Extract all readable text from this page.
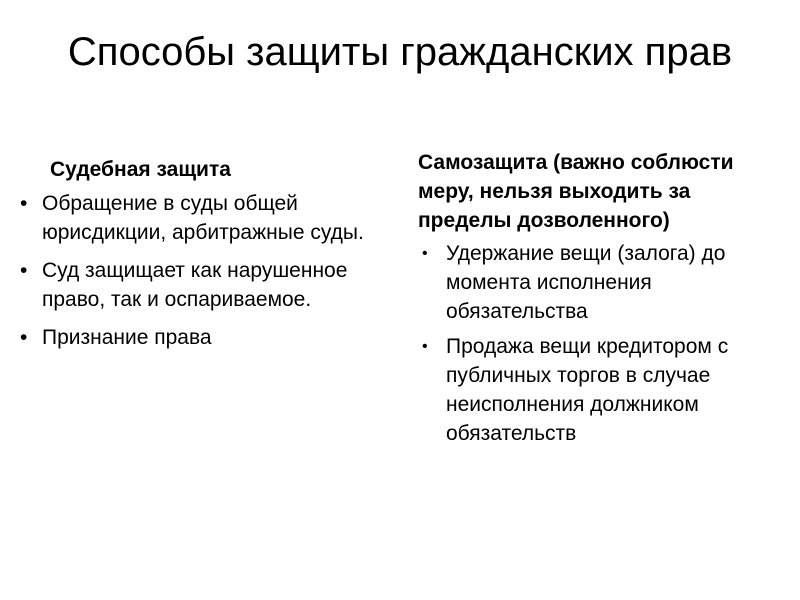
Способы защиты гражданских прав
Судебная защита
• Обращение в суды общей юрисдикции, арбитражные суды.
• Суд защищает как нарушенное право, так и оспариваемое.
• Признание права
Самозащита (важно соблюсти меру, нельзя выходить за пределы дозволенного)
• Удержание вещи (залога) до момента исполнения обязательства
• Продажа вещи кредитором с публичных торгов в случае неисполнения должником обязательств
